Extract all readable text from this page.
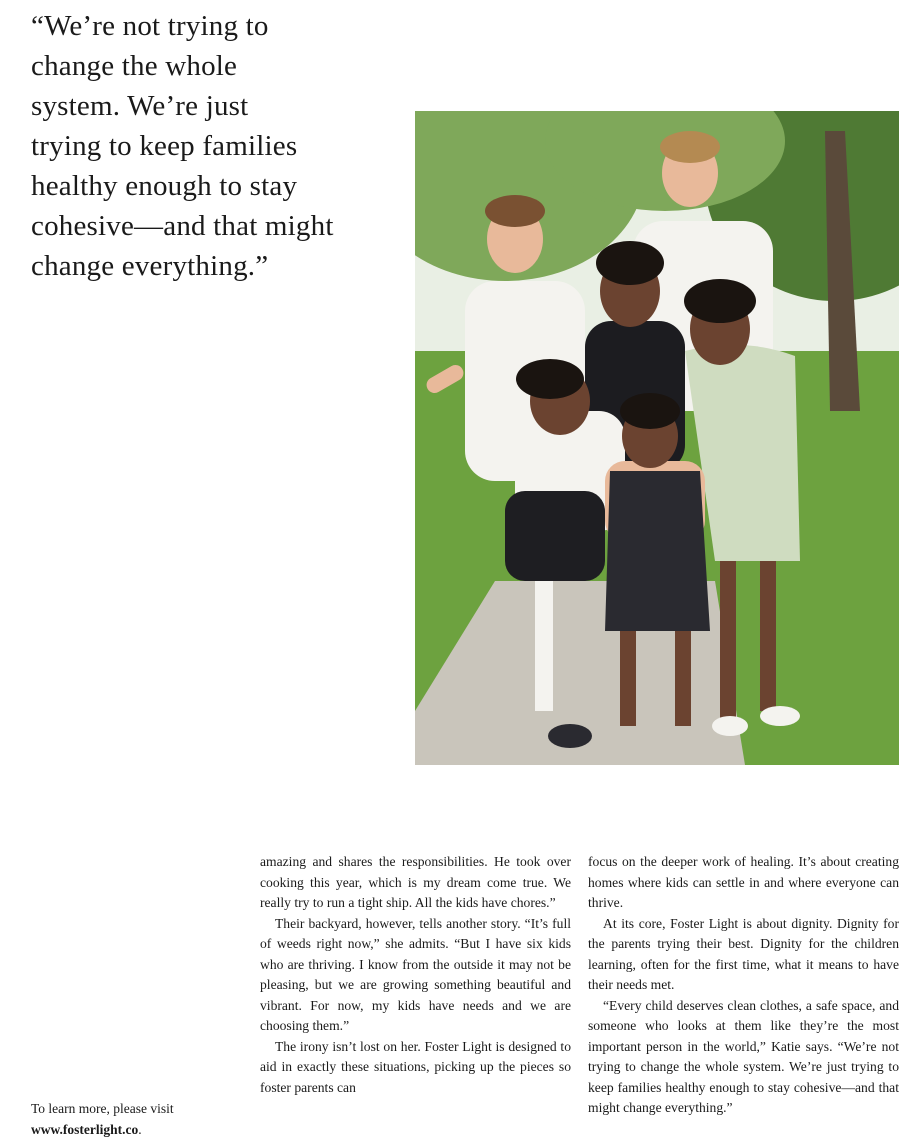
“We’re not trying to
change the whole
system. We’re just
trying to keep families
healthy enough to stay
cohesive—and that might
change everything.”
To learn more, please visit
www.fosterlight.co.

amazing and shares the responsibilities. He took over cooking this year, which is my dream come true. We really try to run a tight ship. All the kids have chores.”

Their backyard, however, tells another story. “It’s full of weeds right now,” she admits. “But I have six kids who are thriving. I know from the outside it may not be pleasing, but we are growing something beautiful and vibrant. For now, my kids have needs and we are choosing them.”

The irony isn’t lost on her. Foster Light is designed to aid in exactly these situations, picking up the pieces so foster parents can

focus on the deeper work of healing. It’s about creating homes where kids can settle in and where everyone can thrive.

At its core, Foster Light is about dignity. Dignity for the parents trying their best. Dignity for the children learning, often for the first time, what it means to have their needs met.

“Every child deserves clean clothes, a safe space, and someone who looks at them like they’re the most important person in the world,” Katie says. “We’re not trying to change the whole system. We’re just trying to keep families healthy enough to stay cohesive—and that might change everything.”
